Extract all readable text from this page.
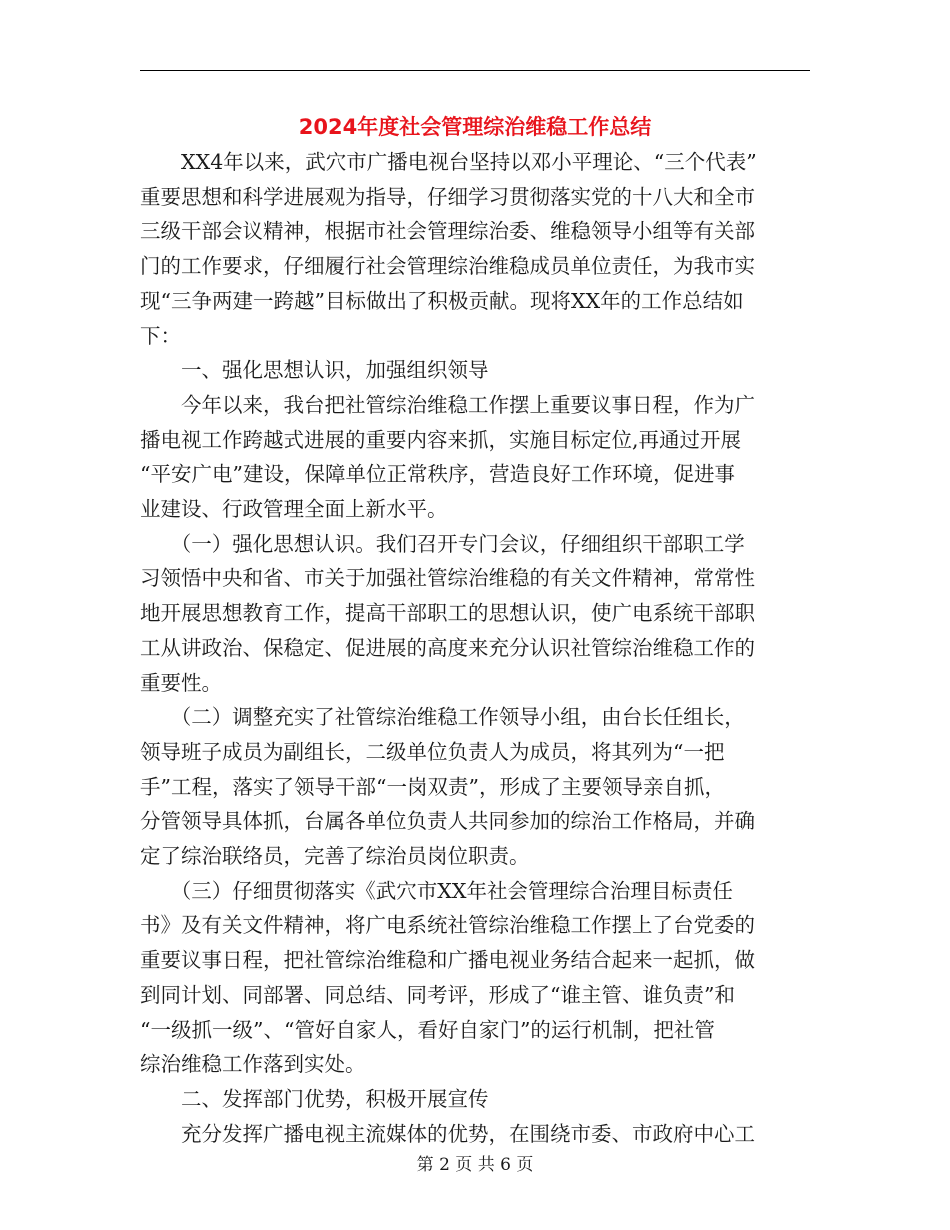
2024年度社会管理综治维稳工作总结
　　XX4年以来，武穴市广播电视台坚持以邓小平理论、“三个代表”
重要思想和科学进展观为指导，仔细学习贯彻落实党的十八大和全市
三级干部会议精神，根据市社会管理综治委、维稳领导小组等有关部
门的工作要求，仔细履行社会管理综治维稳成员单位责任，为我市实
现“三争两建一跨越”目标做出了积极贡献。现将XX年的工作总结如
下：
　　一、强化思想认识，加强组织领导
　　今年以来，我台把社管综治维稳工作摆上重要议事日程，作为广
播电视工作跨越式进展的重要内容来抓，实施目标定位,再通过开展
“平安广电”建设，保障单位正常秩序，营造良好工作环境，促进事
业建设、行政管理全面上新水平。
　　（一）强化思想认识。我们召开专门会议，仔细组织干部职工学
习领悟中央和省、市关于加强社管综治维稳的有关文件精神，常常性
地开展思想教育工作，提高干部职工的思想认识，使广电系统干部职
工从讲政治、保稳定、促进展的高度来充分认识社管综治维稳工作的
重要性。
　　（二）调整充实了社管综治维稳工作领导小组，由台长任组长，
领导班子成员为副组长，二级单位负责人为成员，将其列为“一把
手”工程，落实了领导干部“一岗双责”，形成了主要领导亲自抓，
分管领导具体抓，台属各单位负责人共同参加的综治工作格局，并确
定了综治联络员，完善了综治员岗位职责。
　　（三）仔细贯彻落实《武穴市XX年社会管理综合治理目标责任
书》及有关文件精神，将广电系统社管综治维稳工作摆上了台党委的
重要议事日程，把社管综治维稳和广播电视业务结合起来一起抓，做
到同计划、同部署、同总结、同考评，形成了“谁主管、谁负责”和
“一级抓一级”、“管好自家人，看好自家门”的运行机制，把社管
综治维稳工作落到实处。
　　二、发挥部门优势，积极开展宣传
　　充分发挥广播电视主流媒体的优势，在围绕市委、市政府中心工
第 2 页 共 6 页
